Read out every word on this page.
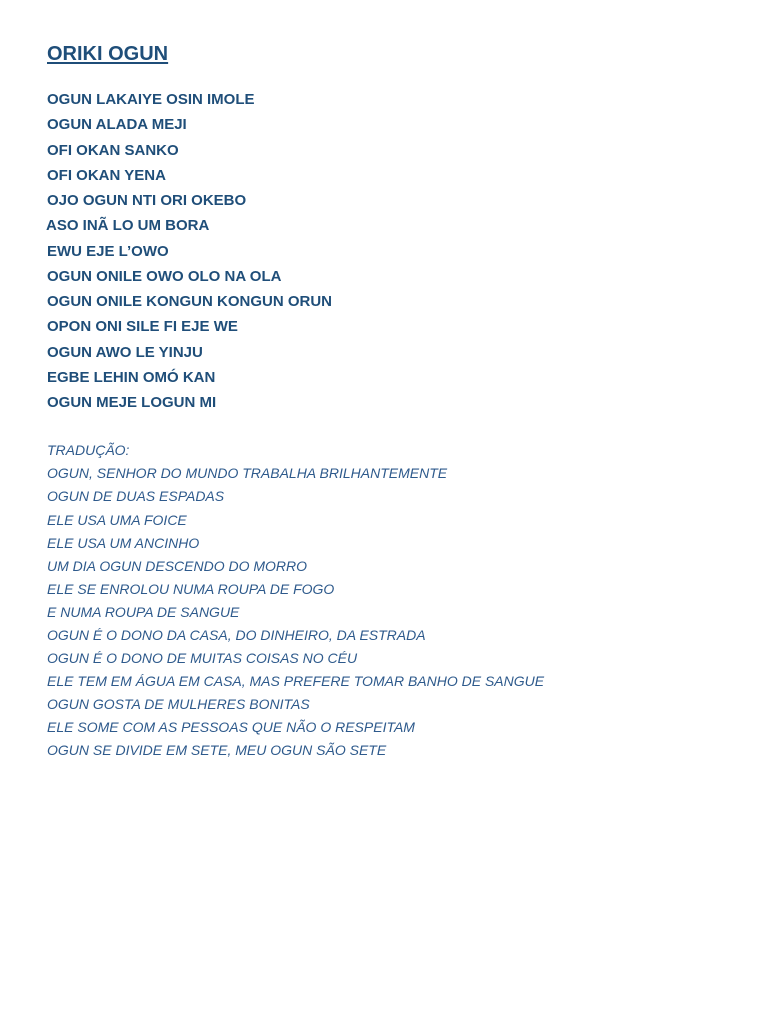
ORIKI OGUN
OGUN LAKAIYE OSIN IMOLE
OGUN ALADA MEJI
OFI OKAN SANKO
OFI OKAN YENA
OJO OGUN NTI ORI OKEBO
ASO INÃ LO UM BORA
EWU EJE L’OWO
OGUN ONILE OWO OLO NA OLA
OGUN ONILE KONGUN KONGUN ORUN
OPON ONI SILE FI EJE WE
OGUN AWO LE YINJU
EGBE LEHIN OMÓ KAN
OGUN MEJE LOGUN MI
TRADUÇÃO:
OGUN, SENHOR DO MUNDO TRABALHA BRILHANTEMENTE
OGUN DE DUAS ESPADAS
ELE USA UMA FOICE
ELE USA UM ANCINHO
UM DIA OGUN DESCENDO DO MORRO
ELE SE ENROLOU NUMA ROUPA DE FOGO
E NUMA ROUPA DE SANGUE
OGUN É O DONO DA CASA, DO DINHEIRO, DA ESTRADA
OGUN É O DONO DE MUITAS COISAS NO CÉU
ELE TEM EM ÁGUA EM CASA, MAS PREFERE TOMAR BANHO DE SANGUE
OGUN GOSTA DE MULHERES BONITAS
ELE SOME COM AS PESSOAS QUE NÃO O RESPEITAM
OGUN SE DIVIDE EM SETE, MEU OGUN SÃO SETE
